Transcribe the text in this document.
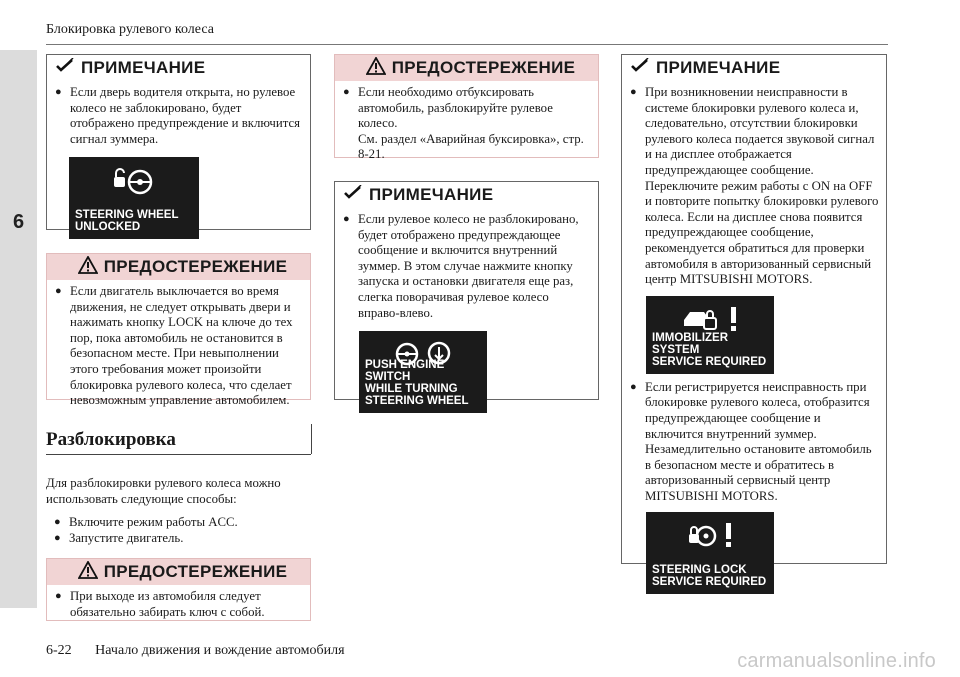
Блокировка рулевого колеса
6
6-22 Начало движения и вождение автомобиля	carmanualsonline.info
ПРИМЕЧАНИЕ
● Если дверь водителя открыта, но рулевое колесо не заблокировано, будет отображено предупреждение и включится сигнал зуммера.
STEERING WHEEL
UNLOCKED
ПРЕДОСТЕРЕЖЕНИЕ
● Если двигатель выключается во время движения, не следует открывать двери и нажимать кнопку LOCK на ключе до тех пор, пока автомобиль не остановится в безопасном месте. При невыполнении этого требования может произойти блокировка рулевого колеса, что сделает невозможным управление автомобилем.
Разблокировка
Для разблокировки рулевого колеса можно использовать следующие способы:
● Включите режим работы ACC.
● Запустите двигатель.
ПРЕДОСТЕРЕЖЕНИЕ
● При выходе из автомобиля следует обязательно забирать ключ с собой.
ПРЕДОСТЕРЕЖЕНИЕ
● Если необходимо отбуксировать автомобиль, разблокируйте рулевое колесо.
См. раздел «Аварийная буксировка», стр. 8-21.
ПРИМЕЧАНИЕ
● Если рулевое колесо не разблокировано, будет отображено предупреждающее сообщение и включится внутренний зуммер. В этом случае нажмите кнопку запуска и остановки двигателя еще раз, слегка поворачивая рулевое колесо вправо-влево.
PUSH ENGINE SWITCH
WHILE TURNING
STEERING WHEEL
ПРИМЕЧАНИЕ
● При возникновении неисправности в системе блокировки рулевого колеса и, следовательно, отсутствии блокировки рулевого колеса подается звуковой сигнал и на дисплее отображается предупреждающее сообщение.
Переключите режим работы с ON на OFF и повторите попытку блокировки рулевого колеса. Если на дисплее снова появится предупреждающее сообщение, рекомендуется обратиться для проверки автомобиля в авторизованный сервисный центр MITSUBISHI MOTORS.
IMMOBILIZER SYSTEM
SERVICE REQUIRED
● Если регистрируется неисправность при блокировке рулевого колеса, отобразится предупреждающее сообщение и включится внутренний зуммер. Незамедлительно остановите автомобиль в безопасном месте и обратитесь в авторизованный сервисный центр MITSUBISHI MOTORS.
STEERING LOCK
SERVICE REQUIRED
